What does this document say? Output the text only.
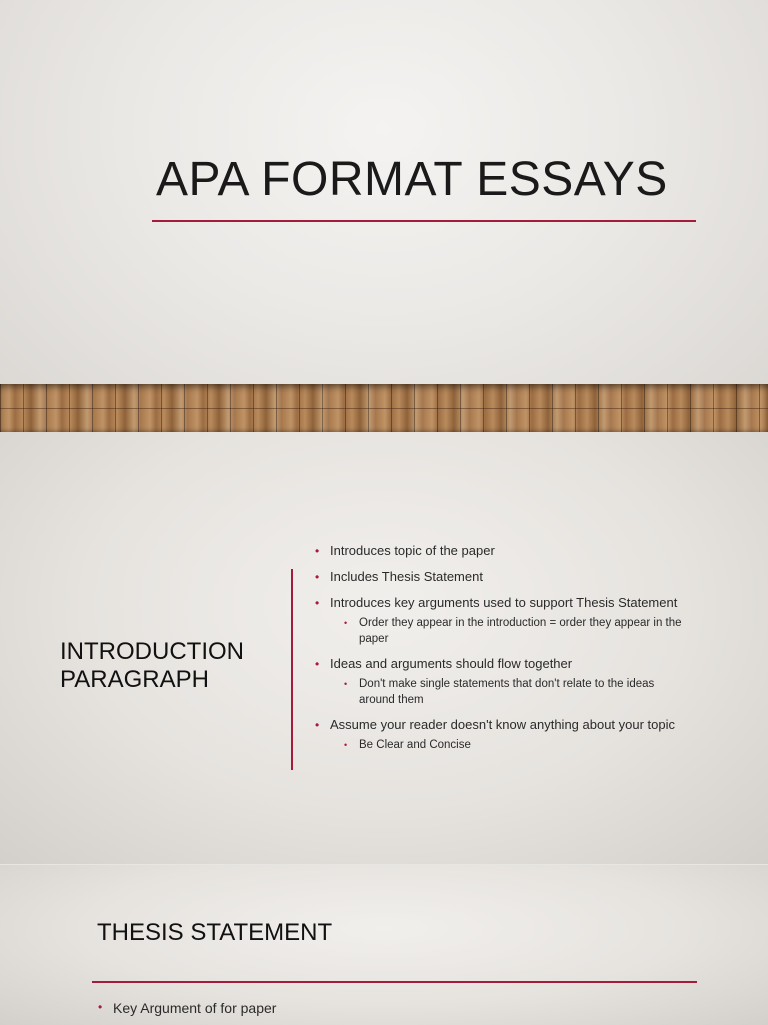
APA FORMAT ESSAYS
INTRODUCTION PARAGRAPH
• Introduces topic of the paper
• Includes Thesis Statement
• Introduces key arguments used to support Thesis Statement
• Order they appear in the introduction = order they appear in the paper
• Ideas and arguments should flow together
• Don't make single statements that don't relate to the ideas around them
• Assume your reader doesn't know anything about your topic
• Be Clear and Concise
THESIS STATEMENT
• Key Argument of for paper
